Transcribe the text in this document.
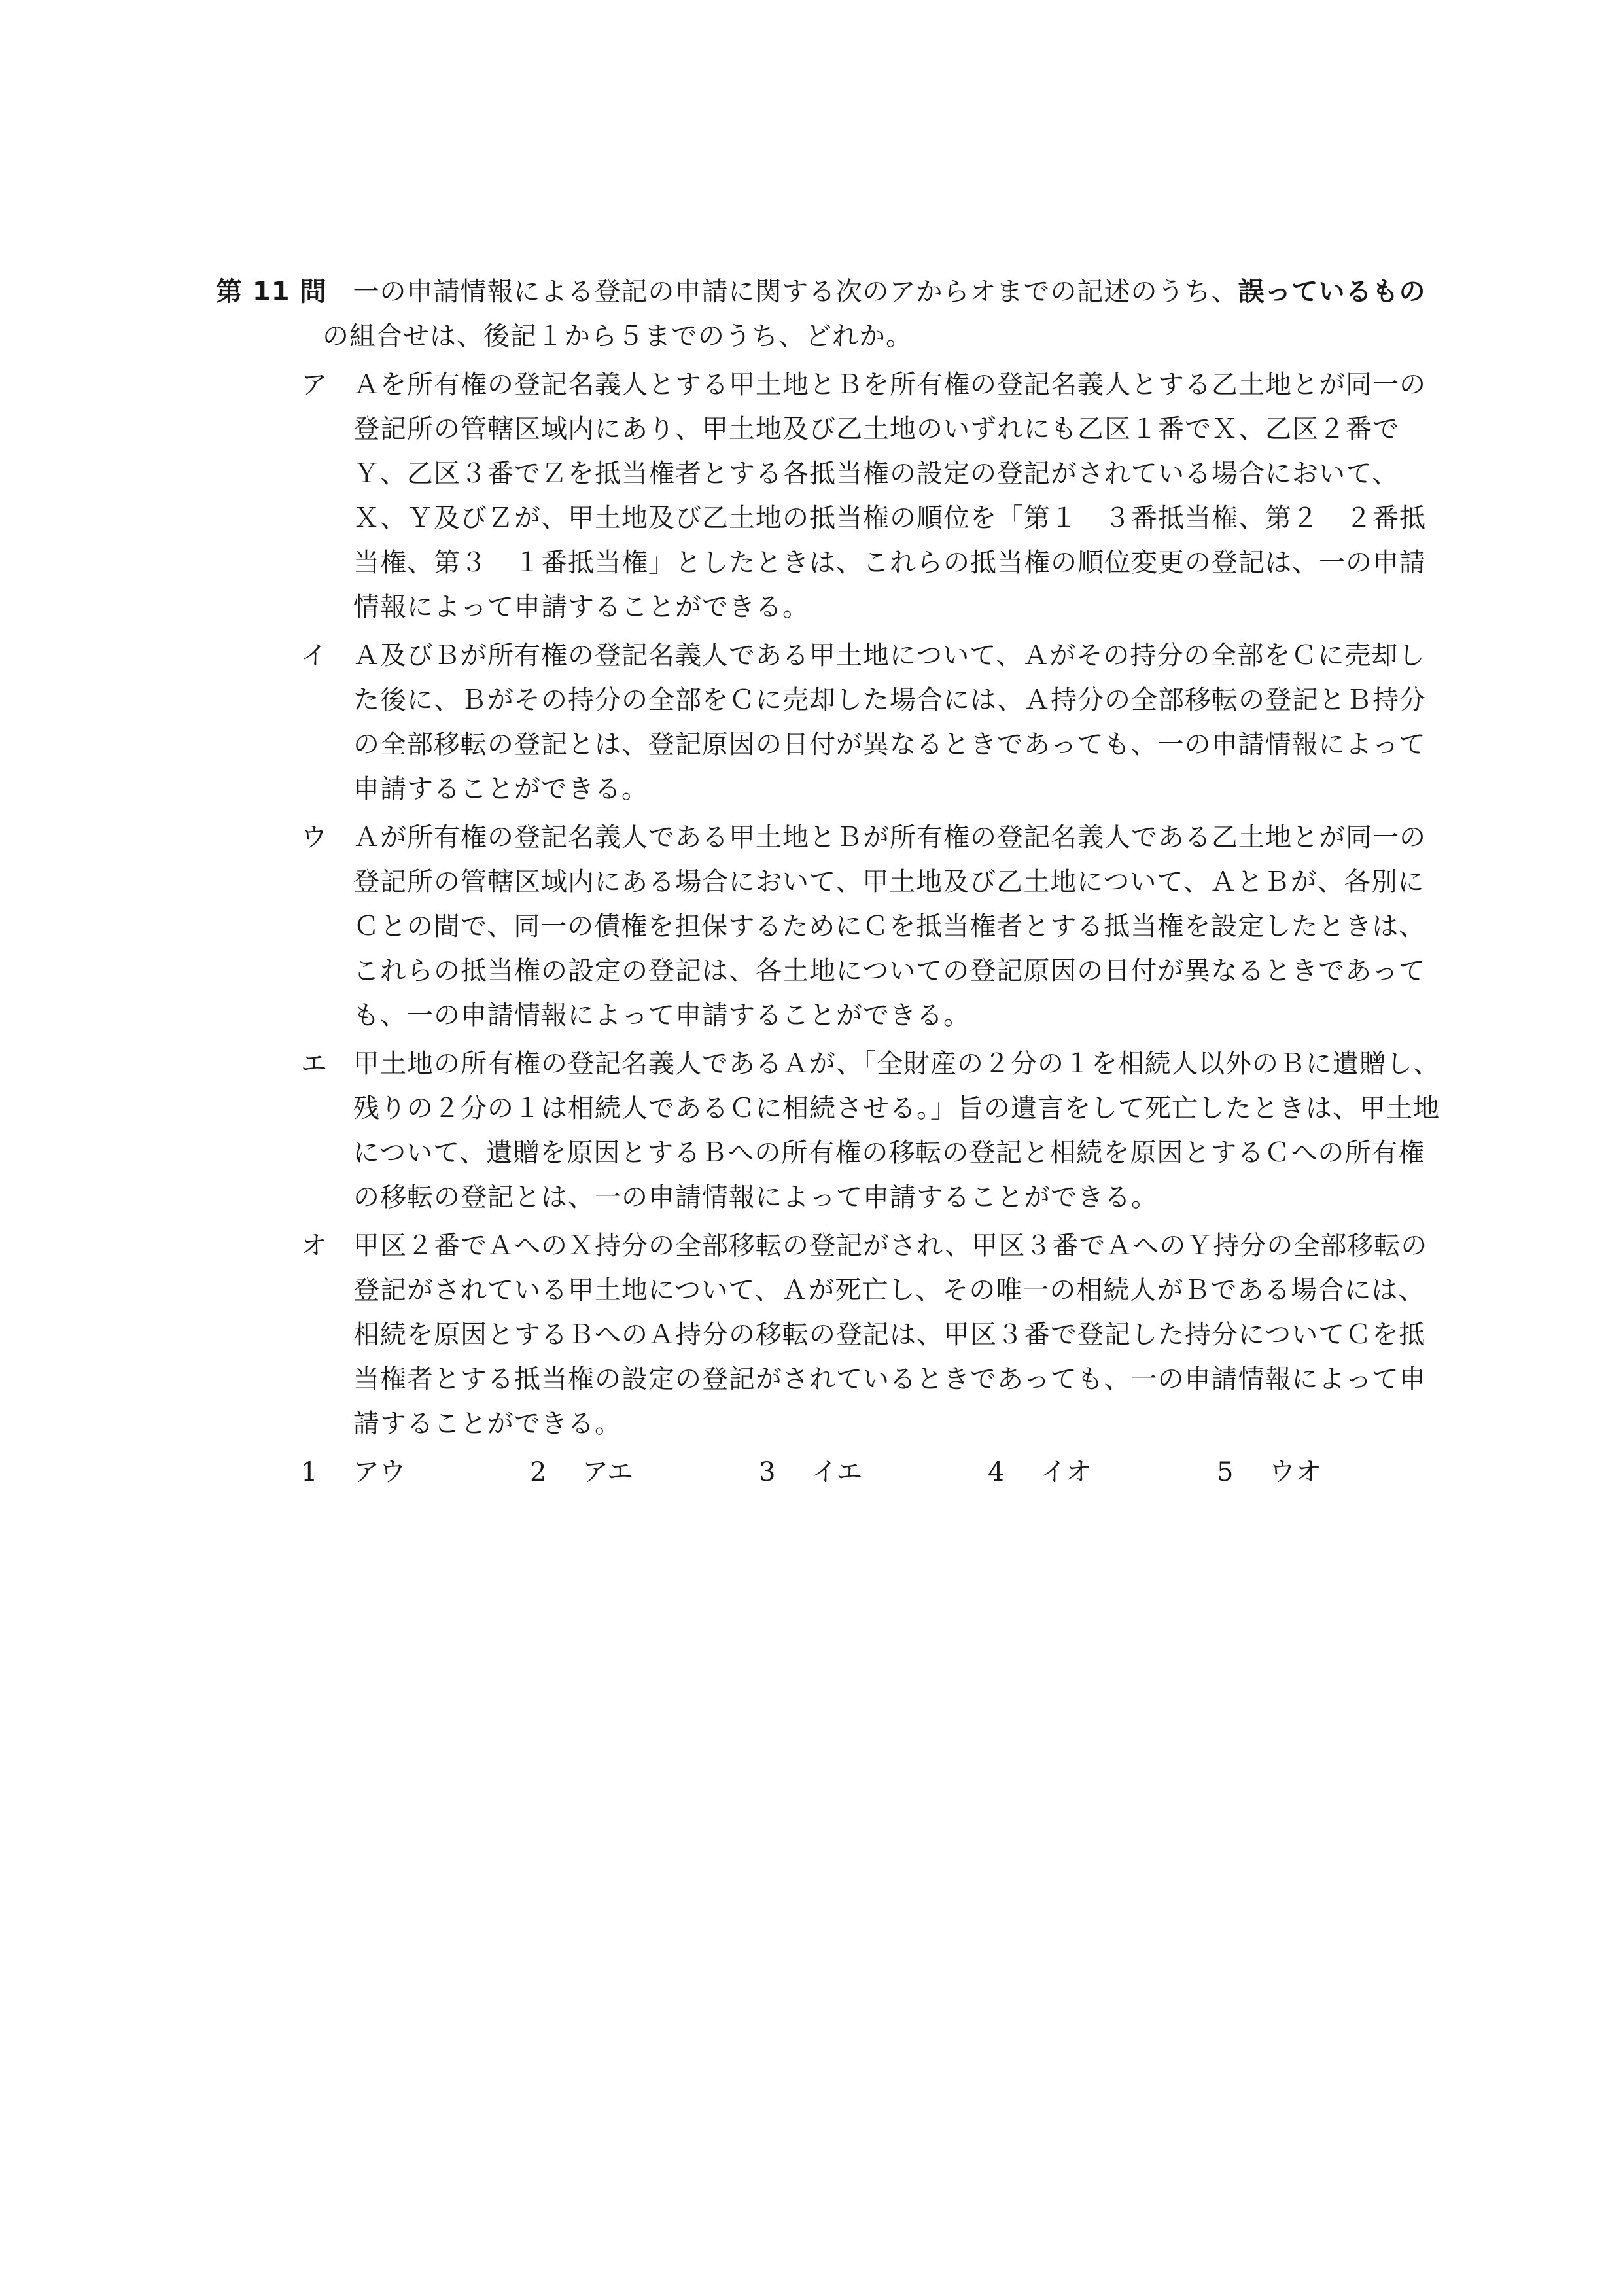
第 11 問 一の申請情報による登記の申請に関する次のアからオまでの記述のうち、誤っているものの組合せは、後記１から５までのうち、どれか。
ア Ａを所有権の登記名義人とする甲土地とＢを所有権の登記名義人とする乙土地とが同一の登記所の管轄区域内にあり、甲土地及び乙土地のいずれにも乙区１番でＸ、乙区２番でＹ、乙区３番でＺを抵当権者とする各抵当権の設定の登記がされている場合において、Ｘ、Ｙ及びＺが、甲土地及び乙土地の抵当権の順位を「第１　３番抵当権、第２　２番抵当権、第３　１番抵当権」としたときは、これらの抵当権の順位変更の登記は、一の申請情報によって申請することができる。
イ Ａ及びＢが所有権の登記名義人である甲土地について、Ａがその持分の全部をＣに売却した後に、Ｂがその持分の全部をＣに売却した場合には、Ａ持分の全部移転の登記とＢ持分の全部移転の登記とは、登記原因の日付が異なるときであっても、一の申請情報によって申請することができる。
ウ Ａが所有権の登記名義人である甲土地とＢが所有権の登記名義人である乙土地とが同一の登記所の管轄区域内にある場合において、甲土地及び乙土地について、ＡとＢが、各別にＣとの間で、同一の債権を担保するためにＣを抵当権者とする抵当権を設定したときは、これらの抵当権の設定の登記は、各土地についての登記原因の日付が異なるときであっても、一の申請情報によって申請することができる。
エ 甲土地の所有権の登記名義人であるＡが、「全財産の２分の１を相続人以外のＢに遺贈し、残りの２分の１は相続人であるＣに相続させる。」旨の遺言をして死亡したときは、甲土地について、遺贈を原因とするＢへの所有権の移転の登記と相続を原因とするＣへの所有権の移転の登記とは、一の申請情報によって申請することができる。
オ 甲区２番でＡへのＸ持分の全部移転の登記がされ、甲区３番でＡへのＹ持分の全部移転の登記がされている甲土地について、Ａが死亡し、その唯一の相続人がＢである場合には、相続を原因とするＢへのＡ持分の移転の登記は、甲区３番で登記した持分についてＣを抵当権者とする抵当権の設定の登記がされているときであっても、一の申請情報によって申請することができる。
1	アウ	2	アエ	3	イエ	4	イオ	5	ウオ
